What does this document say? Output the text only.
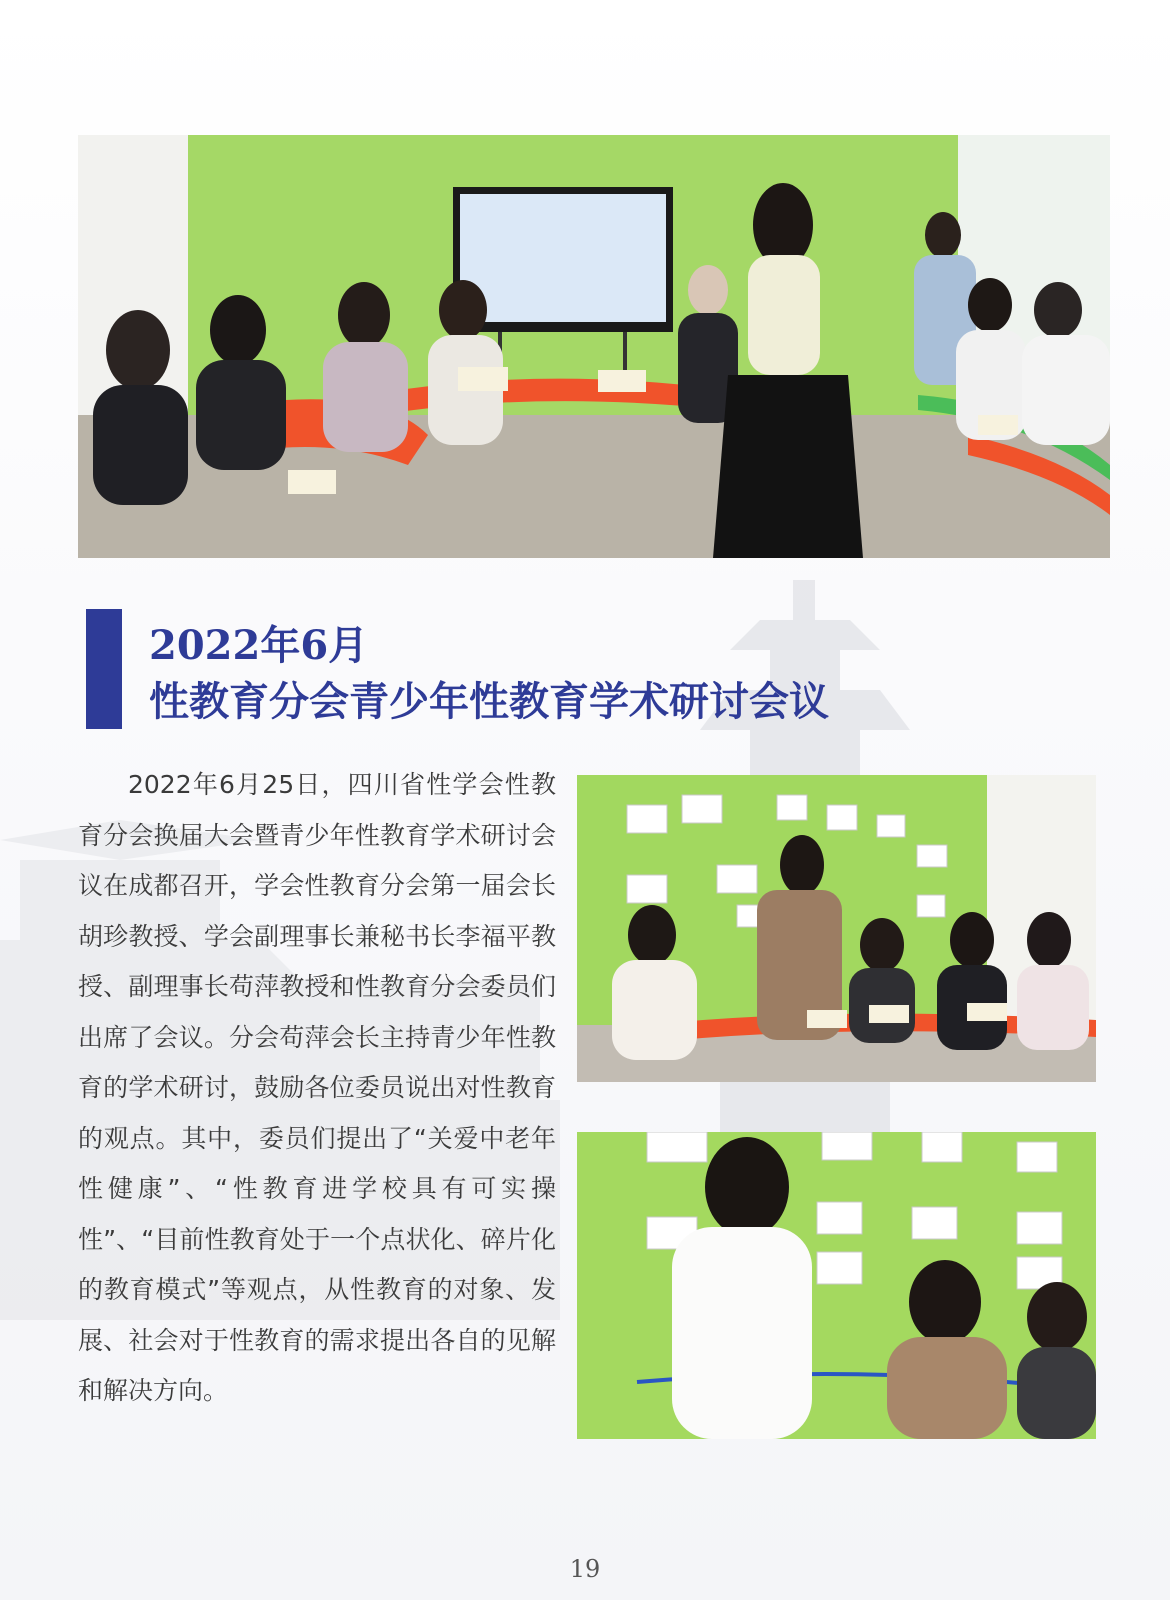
2022年6月
性教育分会青少年性教育学术研讨会议
2022年6月25日，四川省性学会性教育分会换届大会暨青少年性教育学术研讨会议在成都召开，学会性教育分会第一届会长胡珍教授、学会副理事长兼秘书长李福平教授、副理事长苟萍教授和性教育分会委员们出席了会议。分会苟萍会长主持青少年性教育的学术研讨，鼓励各位委员说出对性教育的观点。其中，委员们提出了“关爱中老年性健康”、“性教育进学校具有可实操性”、“目前性教育处于一个点状化、碎片化的教育模式”等观点，从性教育的对象、发展、社会对于性教育的需求提出各自的见解和解决方向。
19
